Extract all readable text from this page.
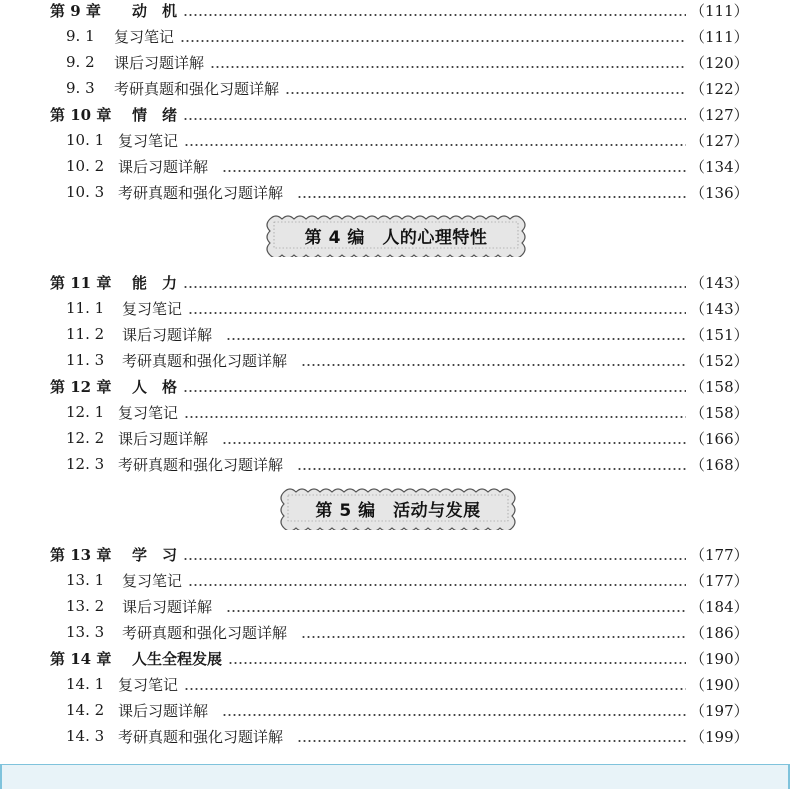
第 9 章	动　机	（111）
9. 1	复习笔记	（111）
9. 2	课后习题详解	（120）
9. 3	考研真题和强化习题详解	（122）
第 10 章	情　绪	（127）
10. 1 复习笔记	（127）
10. 2 课后习题详解	（134）
10. 3 考研真题和强化习题详解	（136）
第 4 编　人的心理特性
第 11 章	能　力	（143）
11. 1	复习笔记	（143）
11. 2	课后习题详解	（151）
11. 3	考研真题和强化习题详解	（152）
第 12 章	人　格	（158）
12. 1 复习笔记	（158）
12. 2 课后习题详解	（166）
12. 3 考研真题和强化习题详解	（168）
第 5 编　活动与发展
第 13 章	学　习	（177）
13. 1	复习笔记	（177）
13. 2	课后习题详解	（184）
13. 3	考研真题和强化习题详解	（186）
第 14 章	人生全程发展	（190）
14. 1 复习笔记	（190）
14. 2 课后习题详解	（197）
14. 3 考研真题和强化习题详解	（199）
